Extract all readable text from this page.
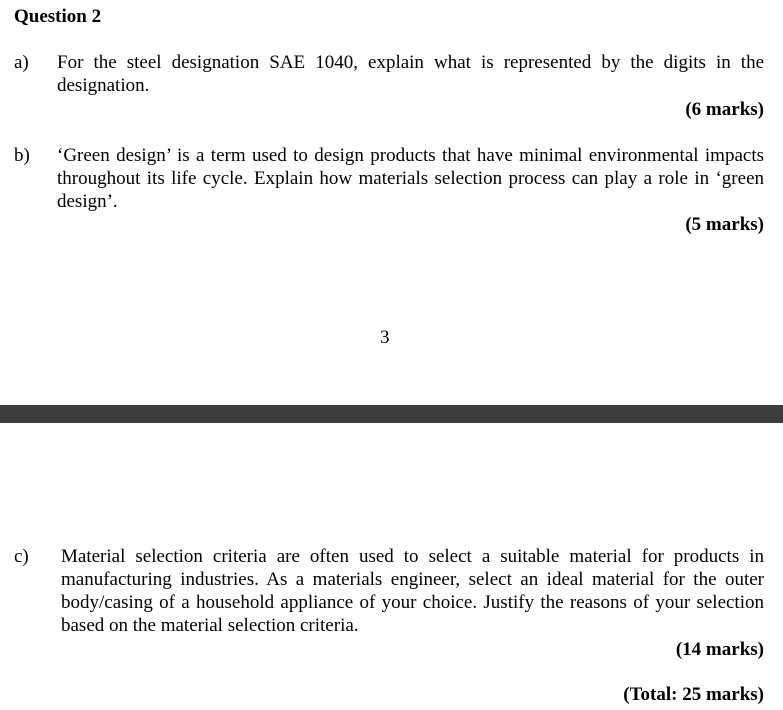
Question 2
a) For the steel designation SAE 1040, explain what is represented by the digits in the designation.
(6 marks)
b) ‘Green design’ is a term used to design products that have minimal environmental impacts throughout its life cycle. Explain how materials selection process can play a role in ‘green design’.
(5 marks)
3
c) Material selection criteria are often used to select a suitable material for products in manufacturing industries. As a materials engineer, select an ideal material for the outer body/casing of a household appliance of your choice. Justify the reasons of your selection based on the material selection criteria.
(14 marks)
(Total: 25 marks)
